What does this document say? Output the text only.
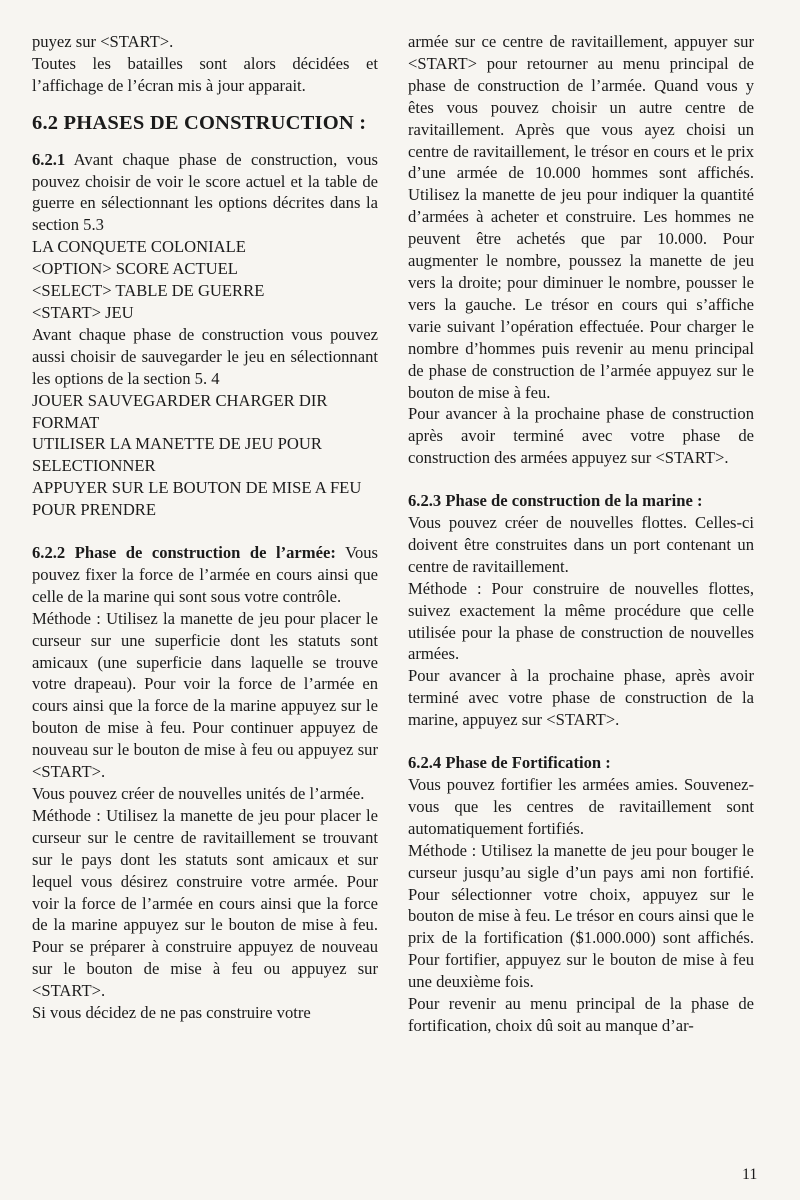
puyez sur <START>.

Toutes les batailles sont alors décidées et l’affichage de l’écran mis à jour apparait.

6.2 PHASES DE CONSTRUCTION :

6.2.1 Avant chaque phase de construction, vous pouvez choisir de voir le score actuel et la table de guerre en sélectionnant les options décrites dans la section 5.3

LA CONQUETE COLONIALE

<OPTION> SCORE ACTUEL

<SELECT> TABLE DE GUERRE

<START> JEU

Avant chaque phase de construction vous pouvez aussi choisir de sauvegarder le jeu en sélectionnant les options de la section 5. 4

JOUER SAUVEGARDER CHARGER DIR FORMAT

UTILISER LA MANETTE DE JEU POUR SELECTIONNER

APPUYER SUR LE BOUTON DE MISE A FEU POUR PRENDRE

6.2.2 Phase de construction de l’armée: Vous pouvez fixer la force de l’armée en cours ainsi que celle de la marine qui sont sous votre contrôle.

Méthode : Utilisez la manette de jeu pour placer le curseur sur une superficie dont les statuts sont amicaux (une superficie dans laquelle se trouve votre drapeau). Pour voir la force de l’armée en cours ainsi que la force de la marine appuyez sur le bouton de mise à feu. Pour continuer appuyez de nouveau sur le bouton de mise à feu ou appuyez sur <START>.

Vous pouvez créer de nouvelles unités de l’armée.

Méthode : Utilisez la manette de jeu pour placer le curseur sur le centre de ravitaillement se trouvant sur le pays dont les statuts sont amicaux et sur lequel vous désirez construire votre armée. Pour voir la force de l’armée en cours ainsi que la force de la marine appuyez sur le bouton de mise à feu. Pour se préparer à construire appuyez de nouveau sur le bouton de mise à feu ou appuyez sur <START>.

Si vous décidez de ne pas construire votre

armée sur ce centre de ravitaillement, appuyer sur <START> pour retourner au menu principal de phase de construction de l’armée. Quand vous y êtes vous pouvez choisir un autre centre de ravitaillement. Après que vous ayez choisi un centre de ravitaillement, le trésor en cours et le prix d’une armée de 10.000 hommes sont affichés. Utilisez la manette de jeu pour indiquer la quantité d’armées à acheter et construire. Les hommes ne peuvent être achetés que par 10.000. Pour augmenter le nombre, poussez la manette de jeu vers la droite; pour diminuer le nombre, pousser le vers la gauche. Le trésor en cours qui s’affiche varie suivant l’opération effectuée. Pour charger le nombre d’hommes puis revenir au menu principal de phase de construction de l’armée appuyez sur le bouton de mise à feu.

Pour avancer à la prochaine phase de construction après avoir terminé avec votre phase de construction des armées appuyez sur <START>.

6.2.3 Phase de construction de la marine :

Vous pouvez créer de nouvelles flottes. Celles-ci doivent être construites dans un port contenant un centre de ravitaillement.

Méthode : Pour construire de nouvelles flottes, suivez exactement la même procédure que celle utilisée pour la phase de construction de nouvelles armées.

Pour avancer à la prochaine phase, après avoir terminé avec votre phase de construction de la marine, appuyez sur <START>.

6.2.4 Phase de Fortification :

Vous pouvez fortifier les armées amies. Souvenez-vous que les centres de ravitaillement sont automatiquement fortifiés.

Méthode : Utilisez la manette de jeu pour bouger le curseur jusqu’au sigle d’un pays ami non fortifié. Pour sélectionner votre choix, appuyez sur le bouton de mise à feu. Le trésor en cours ainsi que le prix de la fortification ($1.000.000) sont affichés. Pour fortifier, appuyez sur le bouton de mise à feu une deuxième fois.

Pour revenir au menu principal de la phase de fortification, choix dû soit au manque d’ar-

11
